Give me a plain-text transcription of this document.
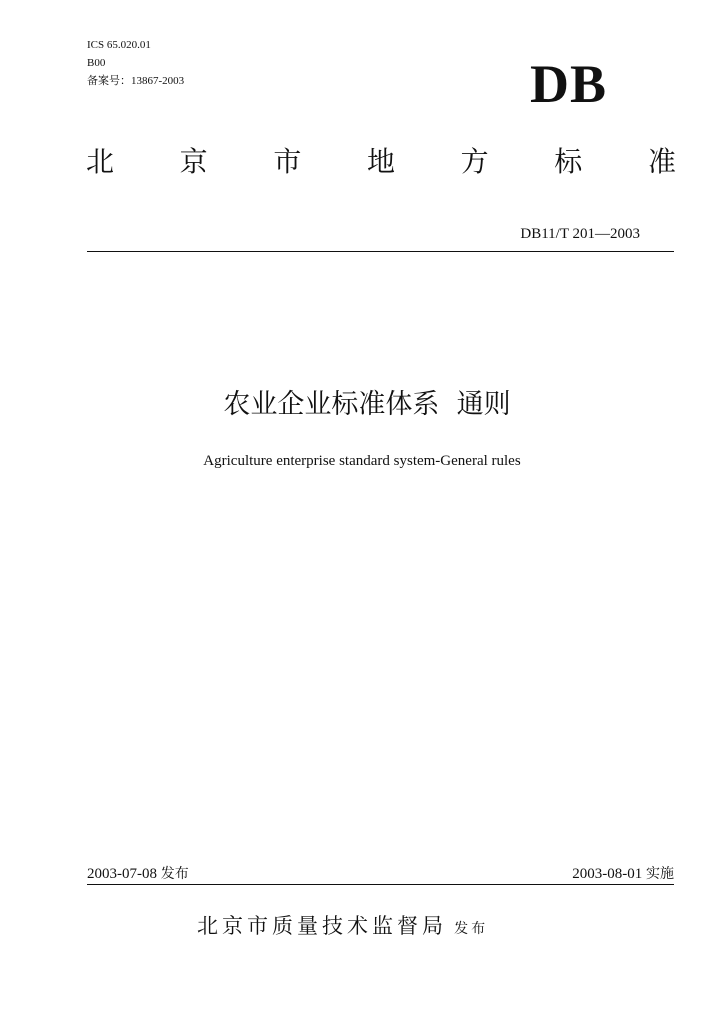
ICS 65.020.01
B00
备案号：13867-2003	DB
北 京 市 地 方 标 准
DB11/T 201—2003
农业企业标准体系  通则
Agriculture enterprise standard system-General rules
2003-07-08 发布	2003-08-01 实施
北京市质量技术监督局 发布
